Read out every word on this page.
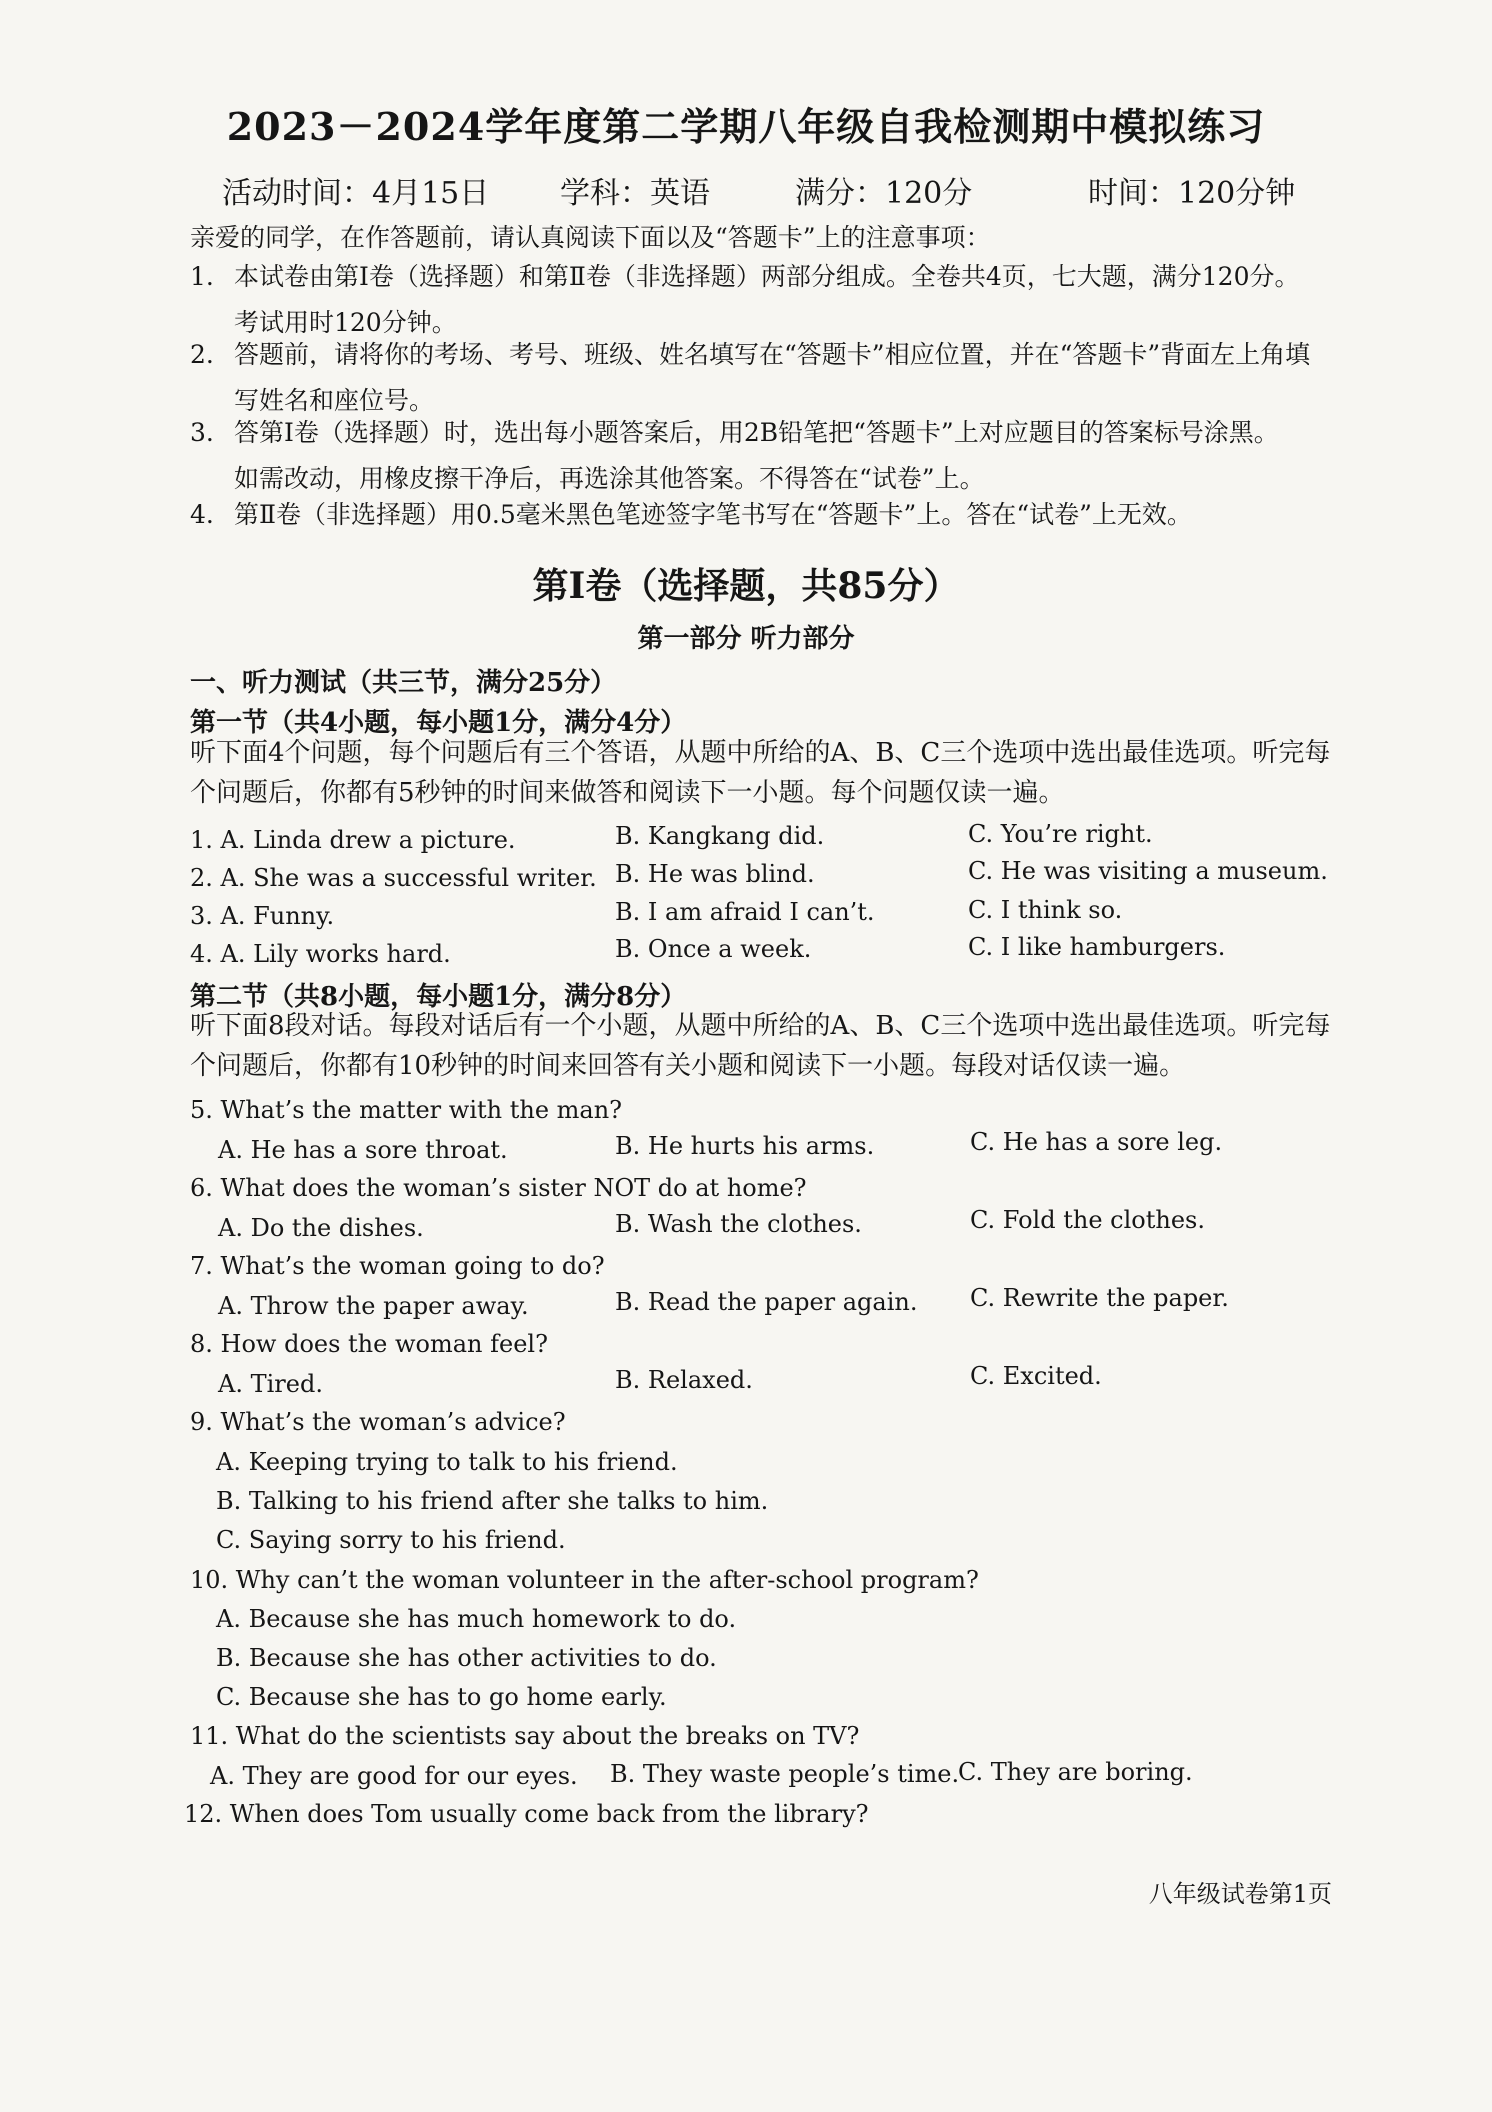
2023－2024学年度第二学期八年级自我检测期中模拟练习
活动时间：4月15日 学科：英语	满分：120分	时间：120分钟
亲爱的同学，在作答题前，请认真阅读下面以及“答题卡”上的注意事项：
1. 本试卷由第Ⅰ卷（选择题）和第Ⅱ卷（非选择题）两部分组成。全卷共4页，七大题，满分120分。
考试用时120分钟。
2. 答题前，请将你的考场、考号、班级、姓名填写在“答题卡”相应位置，并在“答题卡”背面左上角填
写姓名和座位号。
3. 答第Ⅰ卷（选择题）时，选出每小题答案后，用2B铅笔把“答题卡”上对应题目的答案标号涂黑。
如需改动，用橡皮擦干净后，再选涂其他答案。不得答在“试卷”上。
4. 第Ⅱ卷（非选择题）用0.5毫米黑色笔迹签字笔书写在“答题卡”上。答在“试卷”上无效。
第Ⅰ卷（选择题，共85分）
第一部分 听力部分
一、听力测试（共三节，满分25分）
第一节（共4小题，每小题1分，满分4分）
听下面4个问题，每个问题后有三个答语，从题中所给的A、B、C三个选项中选出最佳选项。听完每
个问题后，你都有5秒钟的时间来做答和阅读下一小题。每个问题仅读一遍。
1. A. Linda drew a picture.	B. Kangkang did.	C. You’re right.
2. A. She was a successful writer. B. He was blind.	C. He was visiting a museum.
3. A. Funny.	B. I am afraid I can’t.	C. I think so.
4. A. Lily works hard.	B. Once a week.	C. I like hamburgers.
第二节（共8小题，每小题1分，满分8分）
听下面8段对话。每段对话后有一个小题，从题中所给的A、B、C三个选项中选出最佳选项。听完每
个问题后，你都有10秒钟的时间来回答有关小题和阅读下一小题。每段对话仅读一遍。
5. What’s the matter with the man?
A. He has a sore throat.	B. He hurts his arms.	C. He has a sore leg.
6. What does the woman’s sister NOT do at home?
A. Do the dishes.	B. Wash the clothes.	C. Fold the clothes.
7. What’s the woman going to do?
A. Throw the paper away.	B. Read the paper again. C. Rewrite the paper.
8. How does the woman feel?
A. Tired.	B. Relaxed.	C. Excited.
9. What’s the woman’s advice?
A. Keeping trying to talk to his friend.
B. Talking to his friend after she talks to him.
C. Saying sorry to his friend.
10. Why can’t the woman volunteer in the after-school program?
A. Because she has much homework to do.
B. Because she has other activities to do.
C. Because she has to go home early.
11. What do the scientists say about the breaks on TV?
A. They are good for our eyes. B. They waste people’s time.
C. They are boring.
12. When does Tom usually come back from the library?
八年级试卷第1页
